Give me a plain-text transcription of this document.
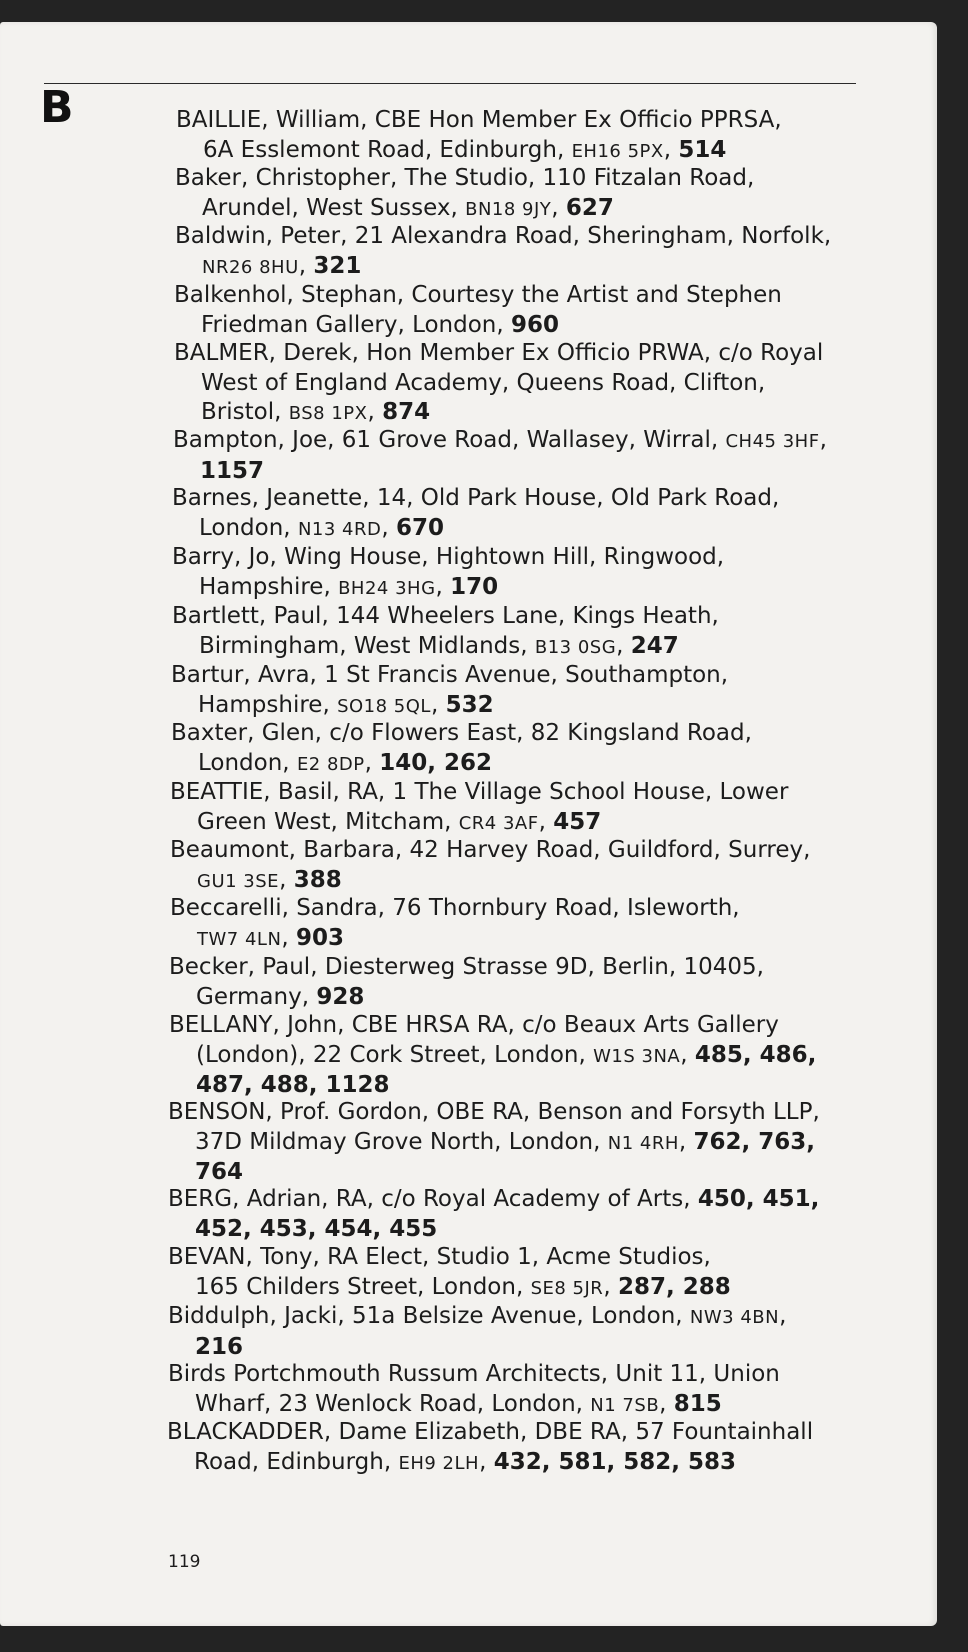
B	BAILLIE, William, CBE Hon Member Ex Officio PPRSA,
6A Esslemont Road, Edinburgh, EH16 5PX, 514

Baker, Christopher, The Studio, 110 Fitzalan Road,
Arundel, West Sussex, BN18 9JY, 627

Baldwin, Peter, 21 Alexandra Road, Sheringham, Norfolk,
NR26 8HU, 321

Balkenhol, Stephan, Courtesy the Artist and Stephen
Friedman Gallery, London, 960

BALMER, Derek, Hon Member Ex Officio PRWA, c/o Royal
West of England Academy, Queens Road, Clifton,
Bristol, BS8 1PX, 874

Bampton, Joe, 61 Grove Road, Wallasey, Wirral, CH45 3HF,
1157

Barnes, Jeanette, 14, Old Park House, Old Park Road,
London, N13 4RD, 670

Barry, Jo, Wing House, Hightown Hill, Ringwood,
Hampshire, BH24 3HG, 170

Bartlett, Paul, 144 Wheelers Lane, Kings Heath,
Birmingham, West Midlands, B13 0SG, 247

Bartur, Avra, 1 St Francis Avenue, Southampton,
Hampshire, SO18 5QL, 532

Baxter, Glen, c/o Flowers East, 82 Kingsland Road,
London, E2 8DP, 140, 262

BEATTIE, Basil, RA, 1 The Village School House, Lower
Green West, Mitcham, CR4 3AF, 457

Beaumont, Barbara, 42 Harvey Road, Guildford, Surrey,
GU1 3SE, 388

Beccarelli, Sandra, 76 Thornbury Road, Isleworth,
TW7 4LN, 903

Becker, Paul, Diesterweg Strasse 9D, Berlin, 10405,
Germany, 928

BELLANY, John, CBE HRSA RA, c/o Beaux Arts Gallery
(London), 22 Cork Street, London, W1S 3NA, 485, 486,
487, 488, 1128

BENSON, Prof. Gordon, OBE RA, Benson and Forsyth LLP,
37D Mildmay Grove North, London, N1 4RH, 762, 763,
764

BERG, Adrian, RA, c/o Royal Academy of Arts, 450, 451,
452, 453, 454, 455

BEVAN, Tony, RA Elect, Studio 1, Acme Studios,
165 Childers Street, London, SE8 5JR, 287, 288

Biddulph, Jacki, 51a Belsize Avenue, London, NW3 4BN,
216

Birds Portchmouth Russum Architects, Unit 11, Union
Wharf, 23 Wenlock Road, London, N1 7SB, 815

BLACKADDER, Dame Elizabeth, DBE RA, 57 Fountainhall
Road, Edinburgh, EH9 2LH, 432, 581, 582, 583

119
